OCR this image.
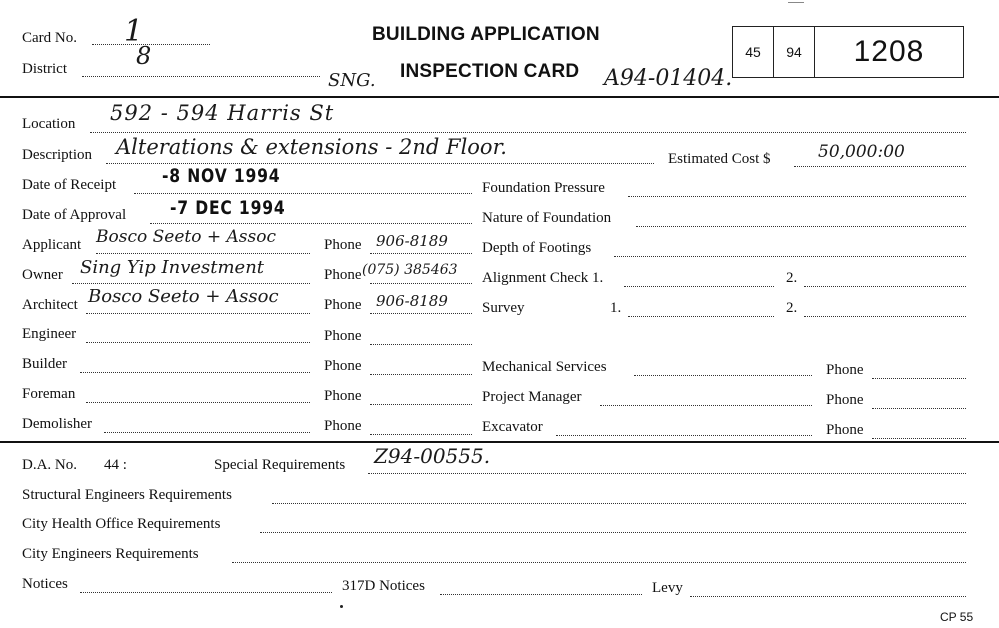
Card No. 1
District	8
SNG.
BUILDING APPLICATION
INSPECTION CARD A94-01404.
45	94	1208
Location 592 - 594 Harris St
Description Alterations & extensions - 2nd Floor.	Estimated Cost $	50,000:00
Date of Receipt -8 NOV 1994
Date of Approval -7 DEC 1994
Applicant Bosco Seeto + Assoc	Phone 906-8189
Owner Sing Yip Investment	Phone (075) 385463
Architect Bosco Seeto + Assoc	Phone 906-8189
Engineer	Phone
Builder	Phone
Foreman	Phone
Demolisher	Phone
Foundation Pressure
Nature of Foundation
Depth of Footings
Alignment Check 1.	2.
Survey	1.	2.
Mechanical Services	Phone
Project Manager	Phone
Excavator	Phone
D.A. No. 44 :	Special Requirements Z94-00555.
Structural Engineers Requirements
City Health Office Requirements
City Engineers Requirements
Notices	317D Notices	Levy
CP 55
